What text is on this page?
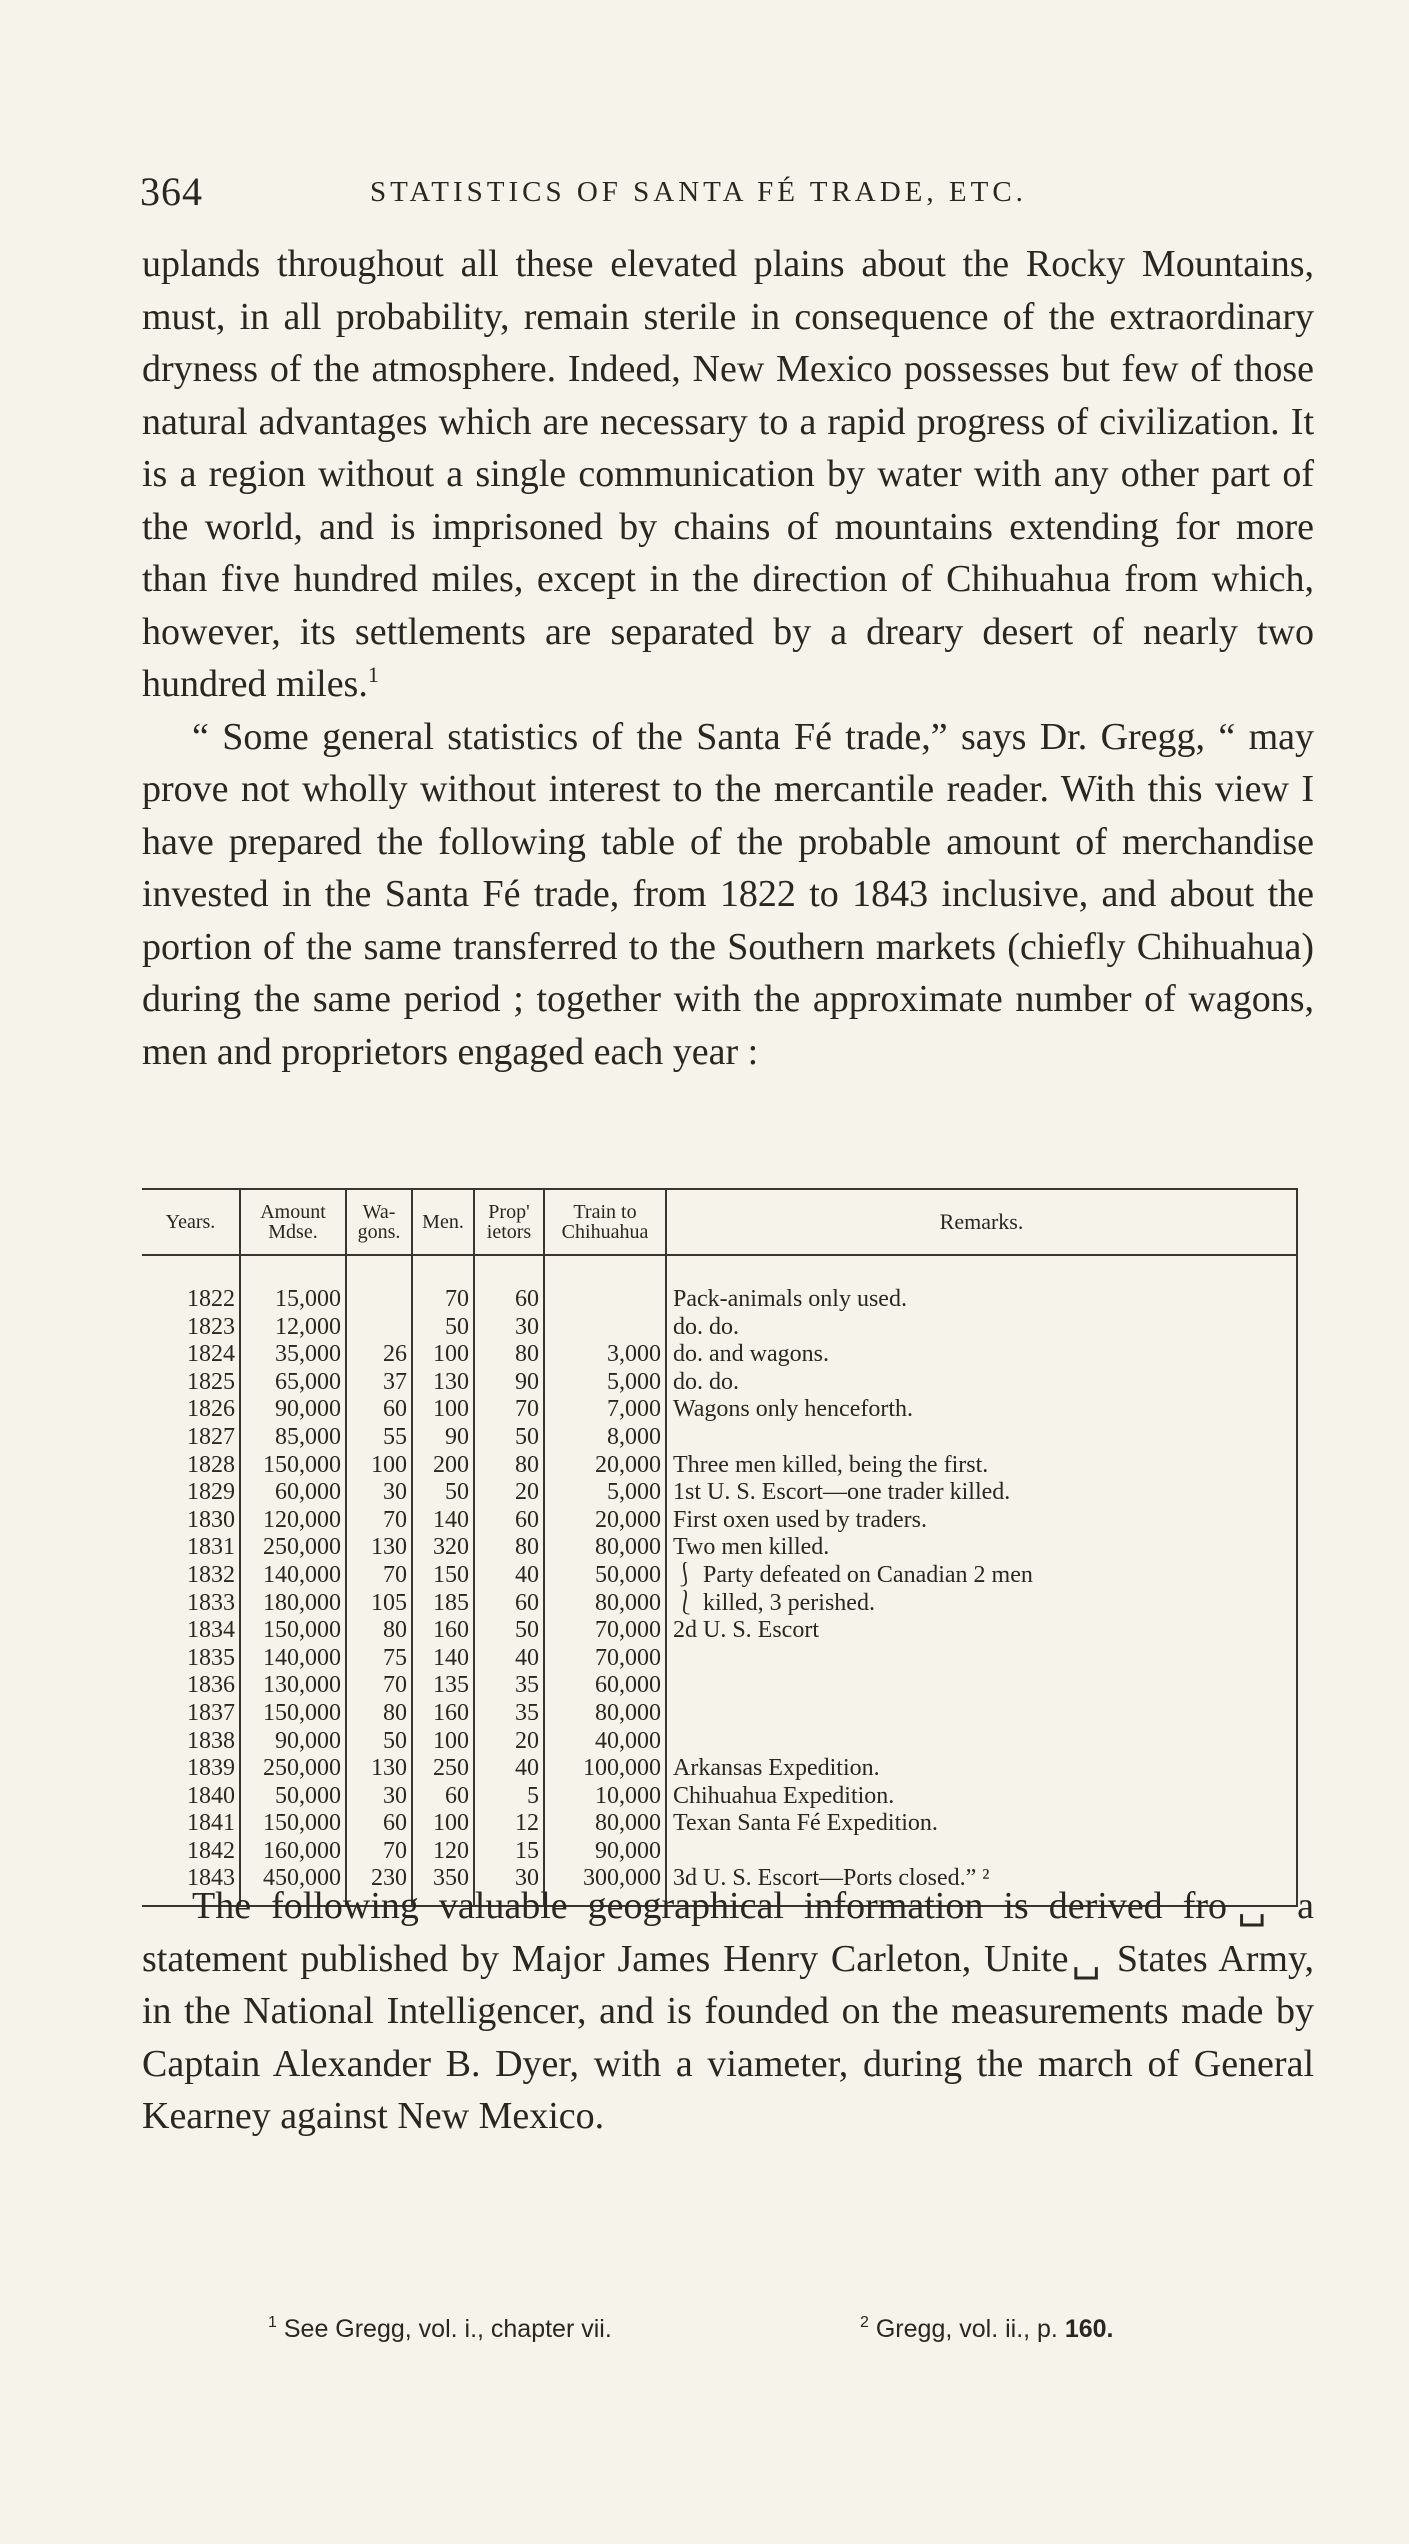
364	STATISTICS OF SANTA FÉ TRADE, ETC.

uplands throughout all these elevated plains about the Rocky Mountains, must, in all probability, remain sterile in consequence of the extraordinary dryness of the atmosphere. Indeed, New Mexico possesses but few of those natural advantages which are necessary to a rapid progress of civilization. It is a region without a single communication by water with any other part of the world, and is imprisoned by chains of mountains extending for more than five hundred miles, except in the direction of Chihuahua from which, however, its settlements are separated by a dreary desert of nearly two hundred miles.$^1$

“ Some general statistics of the Santa Fé trade,” says Dr. Gregg, “ may prove not wholly without interest to the mercantile reader. With this view I have prepared the following table of the probable amount of merchandise invested in the Santa Fé trade, from 1822 to 1843 inclusive, and about the portion of the same transferred to the Southern markets (chiefly Chihuahua) during the same period ; together with the approximate number of wagons, men and proprietors engaged each year :

Years.	Amount Mdse.	Wa- gons.	Men.	Prop' ietors	Train to Chihuahua	Remarks.

1822	15,000		70	60		Pack-animals only used.
1823	12,000		50	30		do. do.
1824	35,000	26	100	80	3,000	do. and wagons.
1825	65,000	37	130	90	5,000	do. do.
1826	90,000	60	100	70	7,000	Wagons only henceforth.
1827	85,000	55	90	50	8,000	
1828	150,000	100	200	80	20,000	Three men killed, being the first.
1829	60,000	30	50	20	5,000	1st U. S. Escort—one trader killed.
1830	120,000	70	140	60	20,000	First oxen used by traders.
1831	250,000	130	320	80	80,000	Two men killed.
1832	140,000	70	150	40	50,000	⎰ Party defeated on Canadian 2 men
1833	180,000	105	185	60	80,000	⎱ killed, 3 perished.
1834	150,000	80	160	50	70,000	2d U. S. Escort
1835	140,000	75	140	40	70,000	
1836	130,000	70	135	35	60,000	
1837	150,000	80	160	35	80,000	
1838	90,000	50	100	20	40,000	
1839	250,000	130	250	40	100,000	Arkansas Expedition.
1840	50,000	30	60	5	10,000	Chihuahua Expedition.
1841	150,000	60	100	12	80,000	Texan Santa Fé Expedition.
1842	160,000	70	120	15	90,000	
1843	450,000	230	350	30	300,000	3d U. S. Escort—Ports closed.” ²

The following valuable geographical information is derived fro␣ a statement published by Major James Henry Carleton, Unite␣ States Army, in the National Intelligencer, and is founded on the measurements made by Captain Alexander B. Dyer, with a viameter, during the march of General Kearney against New Mexico.

$^1$ See Gregg, vol. i., chapter vii.	$^2$ Gregg, vol. ii., p. 160.
